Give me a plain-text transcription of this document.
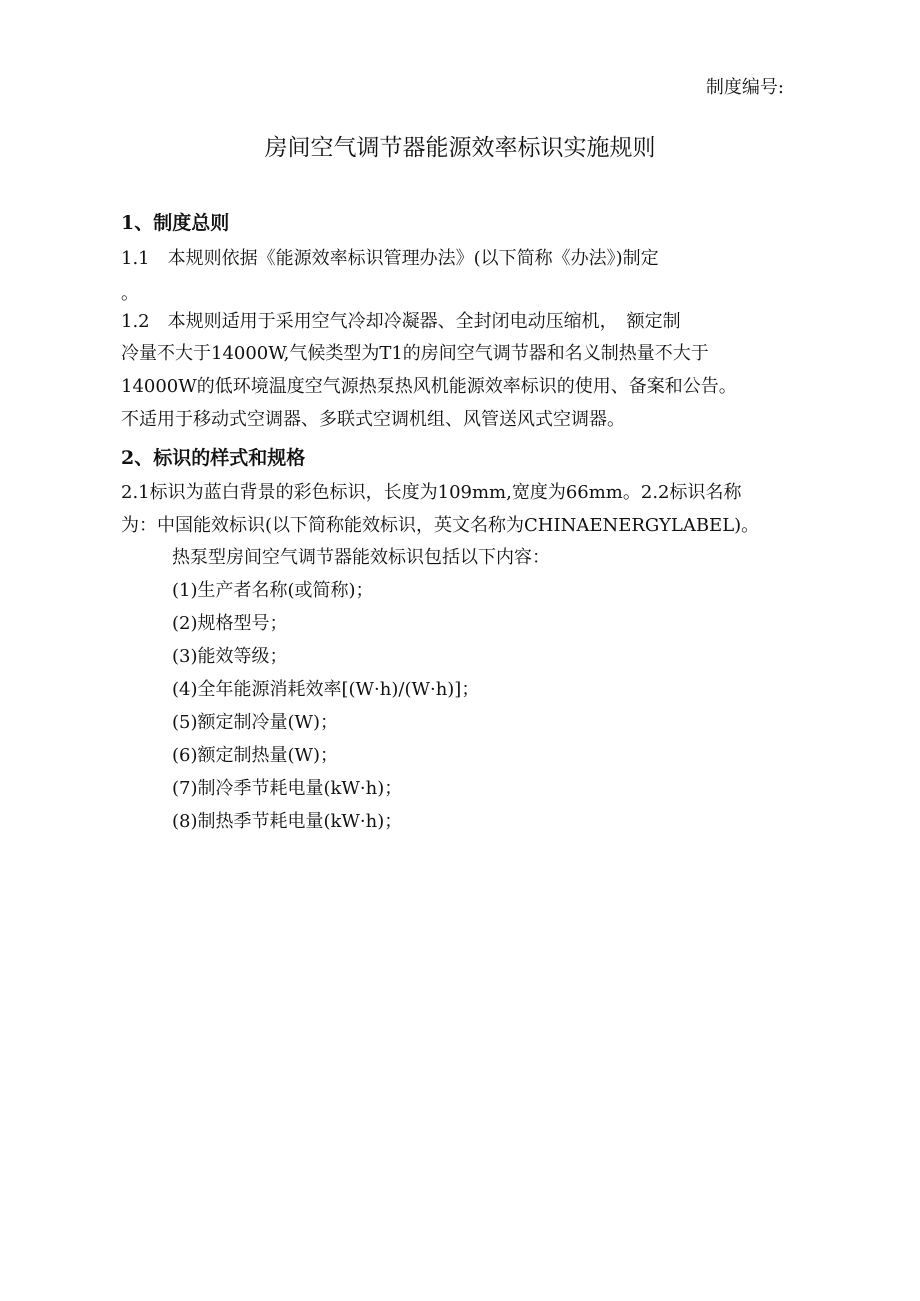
制度编号:
房间空气调节器能源效率标识实施规则
1、制度总则
1.1　本规则依据《能源效率标识管理办法》(以下简称《办法》)制定
。
1.2　本规则适用于采用空气冷却冷凝器、全封闭电动压缩机，　额定制
冷量不大于14000W,气候类型为T1的房间空气调节器和名义制热量不大于
14000W的低环境温度空气源热泵热风机能源效率标识的使用、备案和公告。
不适用于移动式空调器、多联式空调机组、风管送风式空调器。
2、标识的样式和规格
2.1标识为蓝白背景的彩色标识，长度为109mm,宽度为66mm。2.2标识名称
为：中国能效标识(以下简称能效标识，英文名称为CHINAENERGYLABEL)。
热泵型房间空气调节器能效标识包括以下内容：
(1)生产者名称(或简称)；
(2)规格型号；
(3)能效等级；
(4)全年能源消耗效率[(W·h)/(W·h)]；
(5)额定制冷量(W)；
(6)额定制热量(W)；
(7)制冷季节耗电量(kW·h)；
(8)制热季节耗电量(kW·h)；
